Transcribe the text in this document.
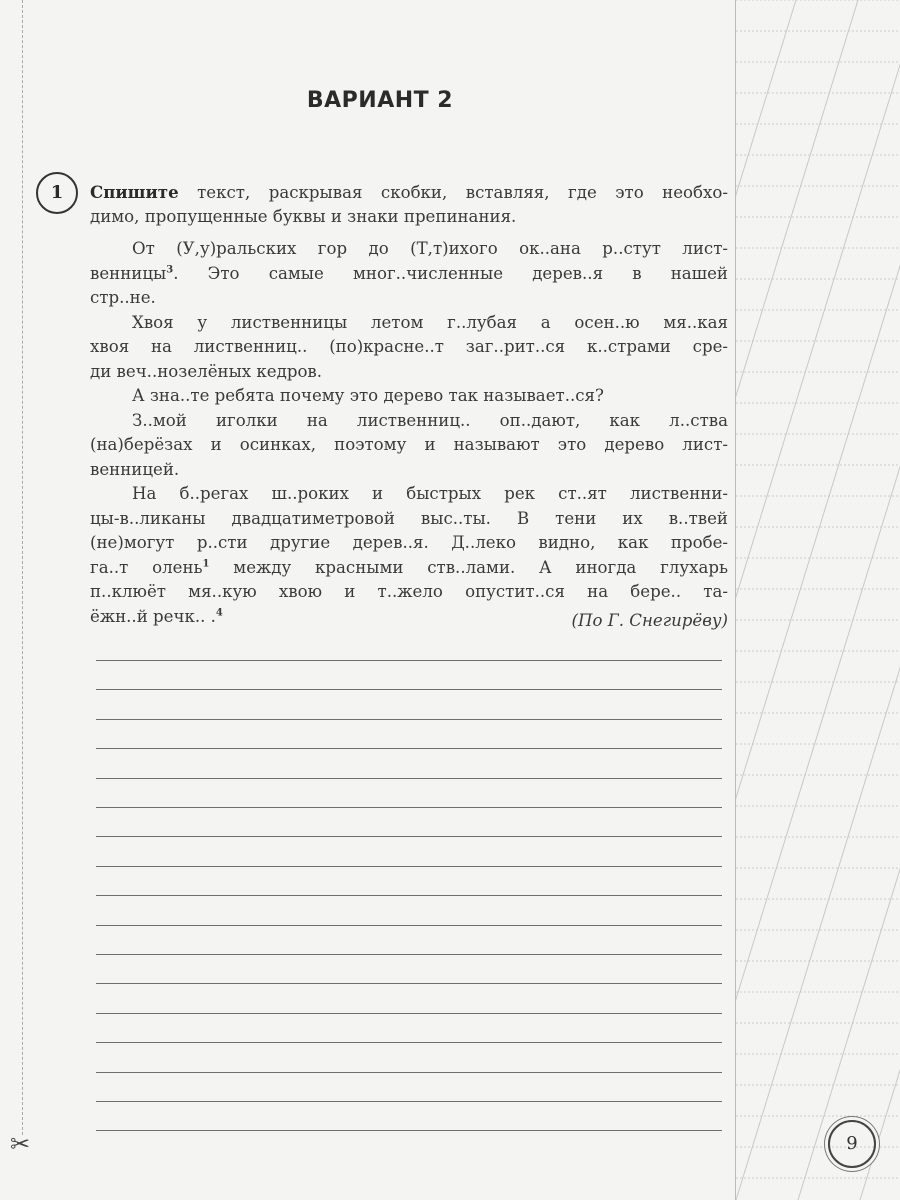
✂
ВАРИАНТ 2
1	Спишите текст, раскрывая скобки, вставляя, где это необхо-
димо, пропущенные буквы и знаки препинания.
От (У,у)ральских гор до (Т,т)ихого ок..ана р..стут лист-
венницы$^3$. Это самые мног..численные дерев..я в нашей
стр..не.
Хвоя у лиственницы летом г..лубая а осен..ю мя..кая
хвоя на лиственниц.. (по)красне..т заг..рит..ся к..страми сре-
ди веч..нозелёных кедров.
А зна..те ребята почему это дерево так называет..ся?
З..мой иголки на лиственниц.. оп..дают, как л..ства
(на)берёзах и осинках, поэтому и называют это дерево лист-
венницей.
На б..регах ш..роких и быстрых рек ст..ят лиственни-
цы-в..ликаны двадцатиметровой выс..ты. В тени их в..твей
(не)могут р..сти другие дерев..я. Д..леко видно, как пробе-
га..т олень$^1$ между красными ств..лами. А иногда глухарь
п..клюёт мя..кую хвою и т..жело опустит..ся на бере.. та-
ёжн..й речк.. .$^4$	(По Г. Снегирёву)
9
